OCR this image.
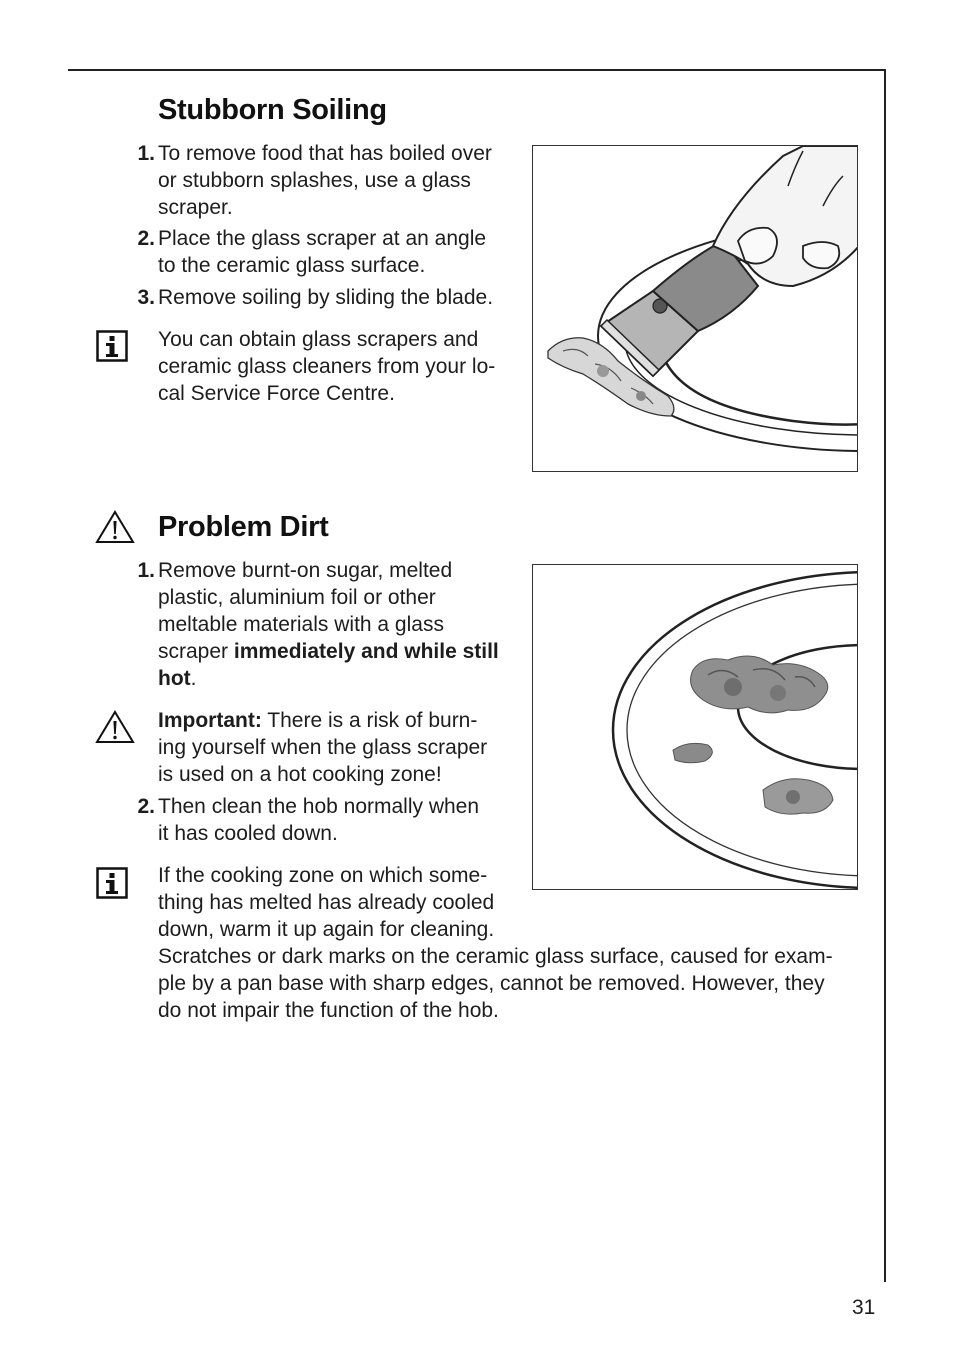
Stubborn Soiling
1. To remove food that has boiled over
or stubborn splashes, use a glass
scraper.
2. Place the glass scraper at an angle
to the ceramic glass surface.
3. Remove soiling by sliding the blade.
You can obtain glass scrapers and
ceramic glass cleaners from your lo-
cal Service Force Centre.
Problem Dirt
1. Remove burnt-on sugar, melted
plastic, aluminium foil or other
meltable materials with a glass
scraper immediately and while still
hot.
Important: There is a risk of burn-
ing yourself when the glass scraper
is used on a hot cooking zone!
2. Then clean the hob normally when
it has cooled down.
If the cooking zone on which some-
thing has melted has already cooled
down, warm it up again for cleaning.
Scratches or dark marks on the ceramic glass surface, caused for exam-
ple by a pan base with sharp edges, cannot be removed. However, they
do not impair the function of the hob.
31
